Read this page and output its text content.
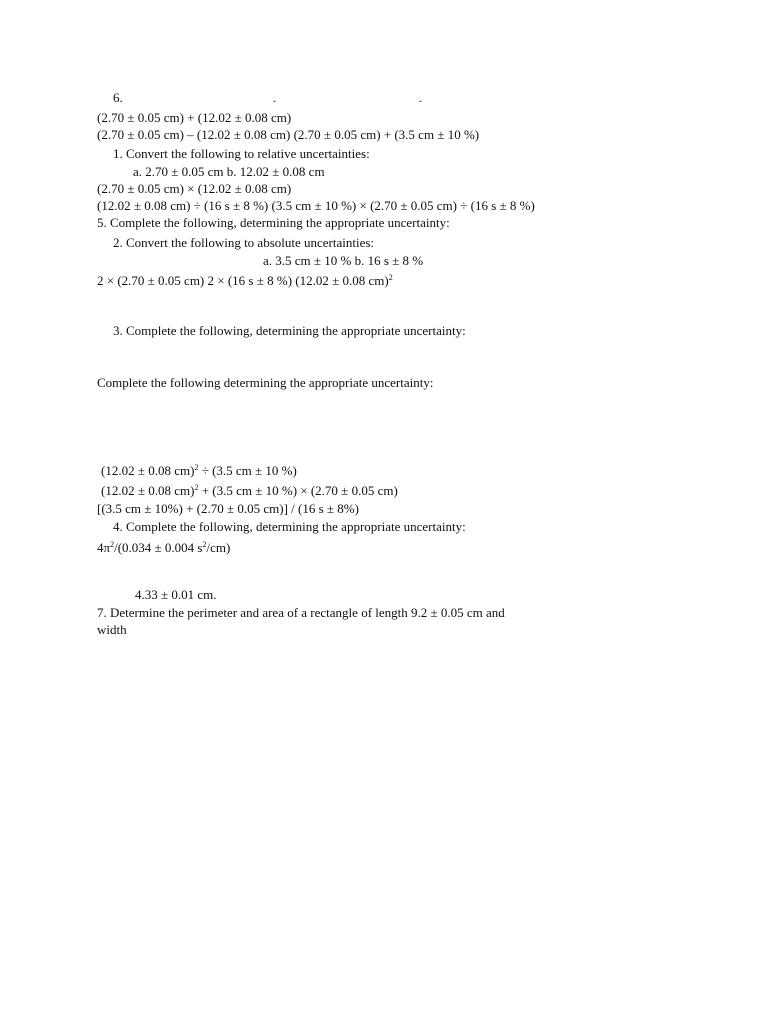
6.	ˇ	ˇ
(2.70 ± 0.05 cm) + (12.02 ± 0.08 cm)
(2.70 ± 0.05 cm) – (12.02 ± 0.08 cm) (2.70 ± 0.05 cm) + (3.5 cm ± 10 %)
1. Convert the following to relative uncertainties:
a. 2.70 ± 0.05 cm b. 12.02 ± 0.08 cm
(2.70 ± 0.05 cm) × (12.02 ± 0.08 cm)
(12.02 ± 0.08 cm) ÷ (16 s ± 8 %) (3.5 cm ± 10 %) × (2.70 ± 0.05 cm) ÷ (16 s ± 8 %)
5. Complete the following, determining the appropriate uncertainty:
2. Convert the following to absolute uncertainties:
a. 3.5 cm ± 10 % b. 16 s ± 8 %
2 × (2.70 ± 0.05 cm) 2 × (16 s ± 8 %) (12.02 ± 0.08 cm)$^2$
3. Complete the following, determining the appropriate uncertainty:
Complete the following determining the appropriate uncertainty:
(12.02 ± 0.08 cm)$^2$ ÷ (3.5 cm ± 10 %)
(12.02 ± 0.08 cm)$^2$ + (3.5 cm ± 10 %) × (2.70 ± 0.05 cm)
[(3.5 cm ± 10%) + (2.70 ± 0.05 cm)] / (16 s ± 8%)
4. Complete the following, determining the appropriate uncertainty:
$4\pi^2/(0.034 \pm 0.004$ $s^2/cm$)
4.33 ± 0.01 cm.
7. Determine the perimeter and area of a rectangle of length 9.2 ± 0.05 cm and
width
